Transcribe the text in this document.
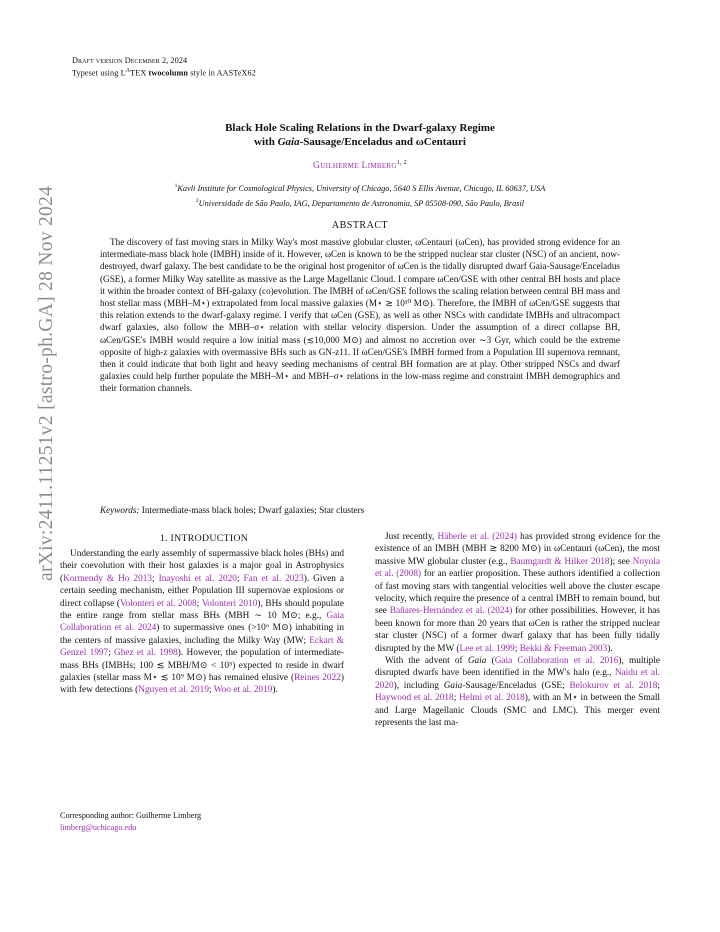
Draft version December 2, 2024
Typeset using $L^ATEX$ twocolumn style in AASTeX62
arXiv:2411.11251v2 [astro-ph.GA] 28 Nov 2024
Black Hole Scaling Relations in the Dwarf-galaxy Regime
with Gaia-Sausage/Enceladus and ωCentauri
Guilherme Limberg$^{1, 2}$
$^1$Kavli Institute for Cosmological Physics, University of Chicago, 5640 S Ellis Avenue, Chicago, IL 60637, USA
$^2$Universidade de São Paulo, IAG, Departamento de Astronomia, SP 05508-090, São Paulo, Brasil
ABSTRACT
The discovery of fast moving stars in Milky Way's most massive globular cluster, ωCentauri (ωCen), has provided strong evidence for an intermediate-mass black hole (IMBH) inside of it. However, ωCen is known to be the stripped nuclear star cluster (NSC) of an ancient, now-destroyed, dwarf galaxy. The best candidate to be the original host progenitor of ωCen is the tidally disrupted dwarf Gaia-Sausage/Enceladus (GSE), a former Milky Way satellite as massive as the Large Magellanic Cloud. I compare ωCen/GSE with other central BH hosts and place it within the broader context of BH-galaxy (co)evolution. The IMBH of ωCen/GSE follows the scaling relation between central BH mass and host stellar mass (MBH–M⋆) extrapolated from local massive galaxies (M⋆ ≳ 10¹⁰ M⊙). Therefore, the IMBH of ωCen/GSE suggests that this relation extends to the dwarf-galaxy regime. I verify that ωCen (GSE), as well as other NSCs with candidate IMBHs and ultracompact dwarf galaxies, also follow the MBH–σ⋆ relation with stellar velocity dispersion. Under the assumption of a direct collapse BH, ωCen/GSE's IMBH would require a low initial mass (≲10,000 M⊙) and almost no accretion over ∼3 Gyr, which could be the extreme opposite of high-z galaxies with overmassive BHs such as GN-z11. If ωCen/GSE's IMBH formed from a Population III supernova remnant, then it could indicate that both light and heavy seeding mechanisms of central BH formation are at play. Other stripped NSCs and dwarf galaxies could help further populate the MBH–M⋆ and MBH–σ⋆ relations in the low-mass regime and constraint IMBH demographics and their formation channels.
Keywords: Intermediate-mass black holes; Dwarf galaxies; Star clusters
1. INTRODUCTION
Understanding the early assembly of supermassive black holes (BHs) and their coevolution with their host galaxies is a major goal in Astrophysics (Kormendy & Ho 2013; Inayoshi et al. 2020; Fan et al. 2023). Given a certain seeding mechanism, either Population III supernovae explosions or direct collapse (Volonteri et al. 2008; Volonteri 2010), BHs should populate the entire range from stellar mass BHs (MBH ∼ 10 M⊙; e.g., Gaia Collaboration et al. 2024) to supermassive ones (>10⁶ M⊙) inhabiting in the centers of massive galaxies, including the Milky Way (MW; Eckart & Genzel 1997; Ghez et al. 1998). However, the population of intermediate-mass BHs (IMBHs; 100 ≲ MBH/M⊙ < 10⁵) expected to reside in dwarf galaxies (stellar mass M⋆ ≲ 10⁹ M⊙) has remained elusive (Reines 2022) with few detections (Nguyen et al. 2019; Woo et al. 2019).

Just recently, Häberle et al. (2024) has provided strong evidence for the existence of an IMBH (MBH ≳ 8200 M⊙) in ωCentauri (ωCen), the most massive MW globular cluster (e.g., Baumgardt & Hilker 2018); see Noyola et al. (2008) for an earlier proposition. These authors identified a collection of fast moving stars with tangential velocities well above the cluster escape velocity, which require the presence of a central IMBH to remain bound, but see Bañares-Hernández et al. (2024) for other possibilities. However, it has been known for more than 20 years that ωCen is rather the stripped nuclear star cluster (NSC) of a former dwarf galaxy that has been fully tidally disrupted by the MW (Lee et al. 1999; Bekki & Freeman 2003).

With the advent of Gaia (Gaia Collaboration et al. 2016), multiple disrupted dwarfs have been identified in the MW's halo (e.g., Naidu et al. 2020), including Gaia-Sausage/Enceladus (GSE; Belokurov et al. 2018; Haywood et al. 2018; Helmi et al. 2018), with an M⋆ in between the Small and Large Magellanic Clouds (SMC and LMC). This merger event represents the last ma-

Corresponding author: Guilherme Limberg
limberg@uchicago.edu
